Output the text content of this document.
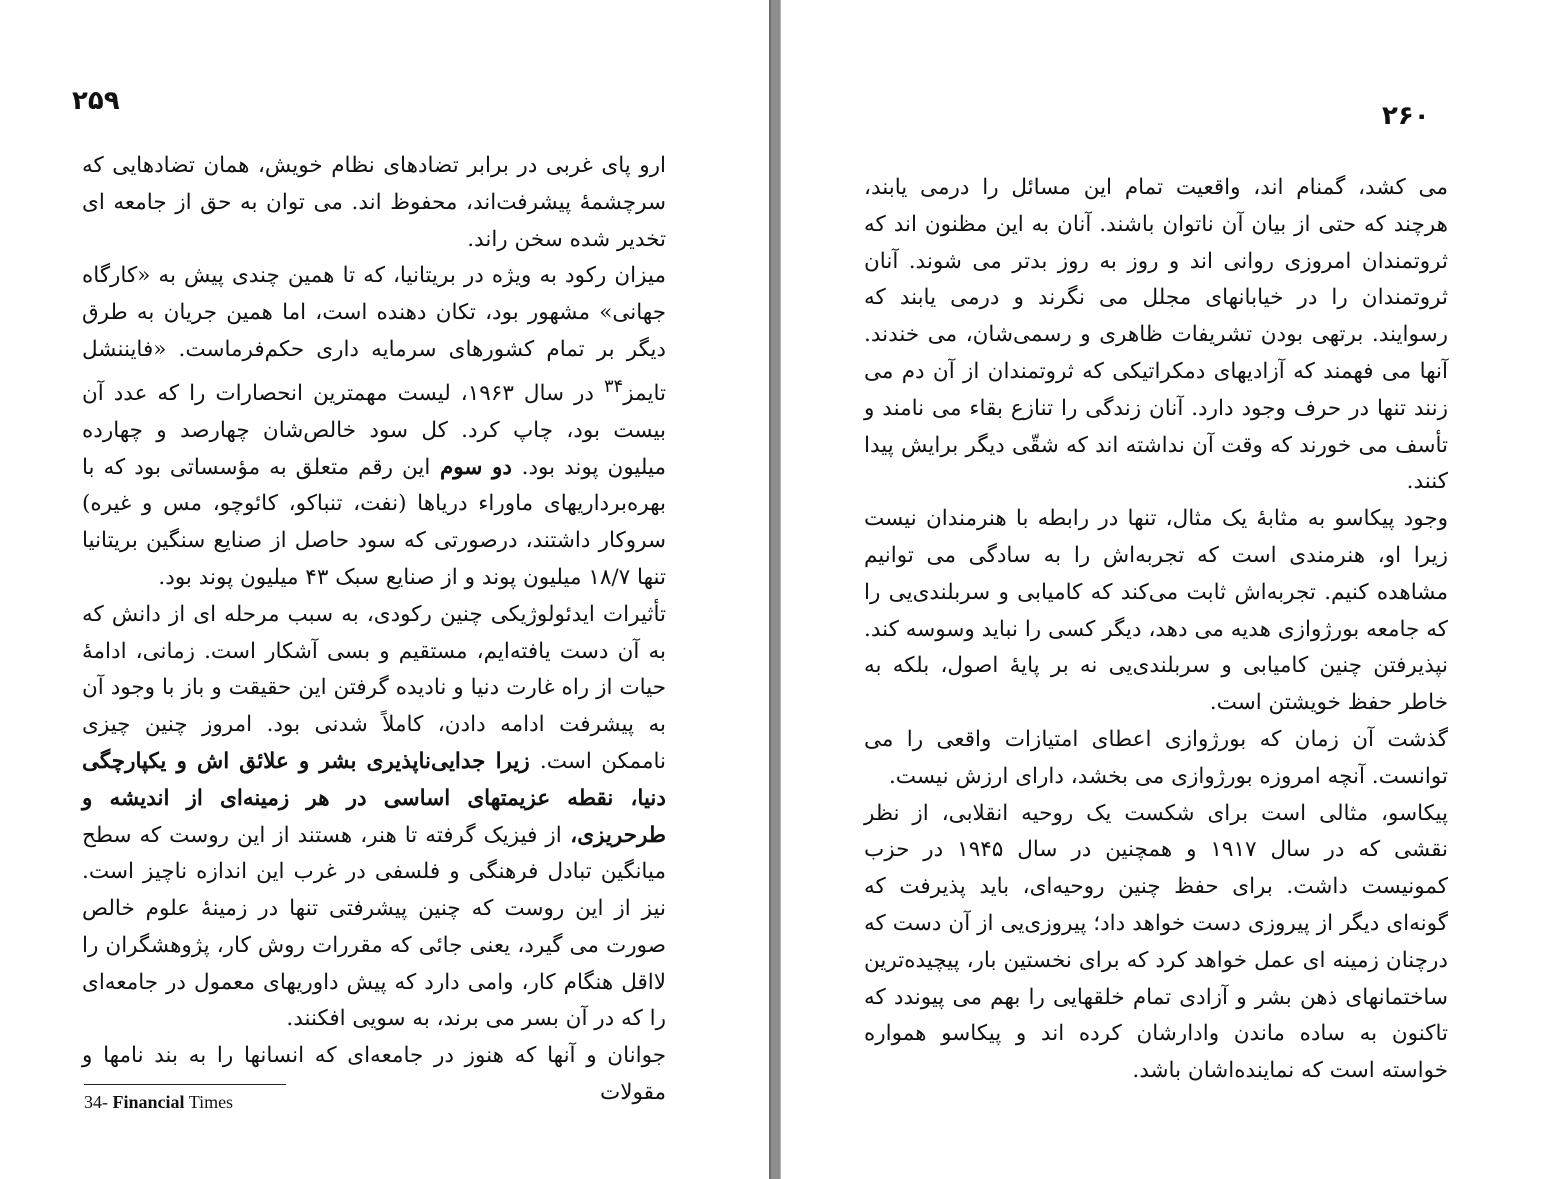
۲۵۹

ارو پای غربی در برابر تضادهای نظام خویش، همان تضادهایی که سرچشمهٔ پیشرفت‌اند، محفوظ اند. می توان به حق از جامعه ای تخدیر شده سخن راند.

میزان رکود به ویژه در بریتانیا، که تا همین چندی پیش به «کارگاه جهانی» مشهور بود، تکان دهنده است، اما همین جریان به طرق دیگر بر تمام کشورهای سرمایه داری حکم‌فرماست. «فایننشل تایمز$^{۳۴}$ در سال ۱۹۶۳، لیست مهمترین انحصارات را که عدد آن بیست بود، چاپ کرد. کل سود خالص‌شان چهارصد و چهارده میلیون پوند بود. دو سوم این رقم متعلق به مؤسساتی بود که با بهره‌برداریهای ماوراء دریاها (نفت، تنباکو، کائوچو، مس و غیره) سروکار داشتند، درصورتی که سود حاصل از صنایع سنگین بریتانیا تنها ۱۸/۷ میلیون پوند و از صنایع سبک ۴۳ میلیون پوند بود.

تأثیرات ایدئولوژیکی چنین رکودی، به سبب مرحله ای از دانش که به آن دست یافته‌ایم، مستقیم و بسی آشکار است. زمانی، ادامهٔ حیات از راه غارت دنیا و نادیده گرفتن این حقیقت و باز با وجود آن به پیشرفت ادامه دادن، کاملاً شدنی بود. امروز چنین چیزی ناممکن است. زیرا جدایی‌ناپذیری بشر و علائق اش و یکپارچگی دنیا، نقطه عزیمتهای اساسی در هر زمینه‌ای از اندیشه و طرحریزی، از فیزیک گرفته تا هنر، هستند از این روست که سطح میانگین تبادل فرهنگی و فلسفی در غرب این اندازه ناچیز است. نیز از این روست که چنین پیشرفتی تنها در زمینهٔ علوم خالص صورت می گیرد، یعنی جائی که مقررات روش کار، پژوهشگران را لااقل هنگام کار، وامی دارد که پیش داوریهای معمول در جامعه‌ای را که در آن بسر می برند، به سویی افکنند.

جوانان و آنها که هنوز در جامعه‌ای که انسانها را به بند نامها و مقولات

34- Financial Times
۲۶۰

می کشد، گمنام اند، واقعیت تمام این مسائل را درمی یابند، هرچند که حتی از بیان آن ناتوان باشند. آنان به این مظنون اند که ثروتمندان امروزی روانی اند و روز به روز بدتر می شوند. آنان ثروتمندان را در خیابانهای مجلل می نگرند و درمی یابند که رسوایند. برتهی بودن تشریفات ظاهری و رسمی‌شان، می خندند. آنها می فهمند که آزادیهای دمکراتیکی که ثروتمندان از آن دم می زنند تنها در حرف وجود دارد. آنان زندگی را تنازع بقاء می نامند و تأسف می خورند که وقت آن نداشته اند که شقّی دیگر برایش پیدا کنند.

وجود پیکاسو به مثابهٔ یک مثال، تنها در رابطه با هنرمندان نیست زیرا او، هنرمندی است که تجربه‌اش را به سادگی می توانیم مشاهده کنیم. تجربه‌اش ثابت می‌کند که کامیابی و سربلندی‌یی را که جامعه بورژوازی هدیه می دهد، دیگر کسی را نباید وسوسه کند. نپذیرفتن چنین کامیابی و سربلندی‌یی نه بر پایهٔ اصول، بلکه به خاطر حفظ خویشتن است.

گذشت آن زمان که بورژوازی اعطای امتیازات واقعی را می توانست. آنچه امروزه بورژوازی می بخشد، دارای ارزش نیست.

پیکاسو، مثالی است برای شکست یک روحیه انقلابی، از نظر نقشی که در سال ۱۹۱۷ و همچنین در سال ۱۹۴۵ در حزب کمونیست داشت. برای حفظ چنین روحیه‌ای، باید پذیرفت که گونه‌ای دیگر از پیروزی دست خواهد داد؛ پیروزی‌یی از آن دست که درچنان زمینه ای عمل خواهد کرد که برای نخستین بار، پیچیده‌ترین ساختمانهای ذهن بشر و آزادی تمام خلقهایی را بهم می پیوندد که تاکنون به ساده ماندن وادارشان کرده اند و پیکاسو همواره خواسته است که نماینده‌اشان باشد.
